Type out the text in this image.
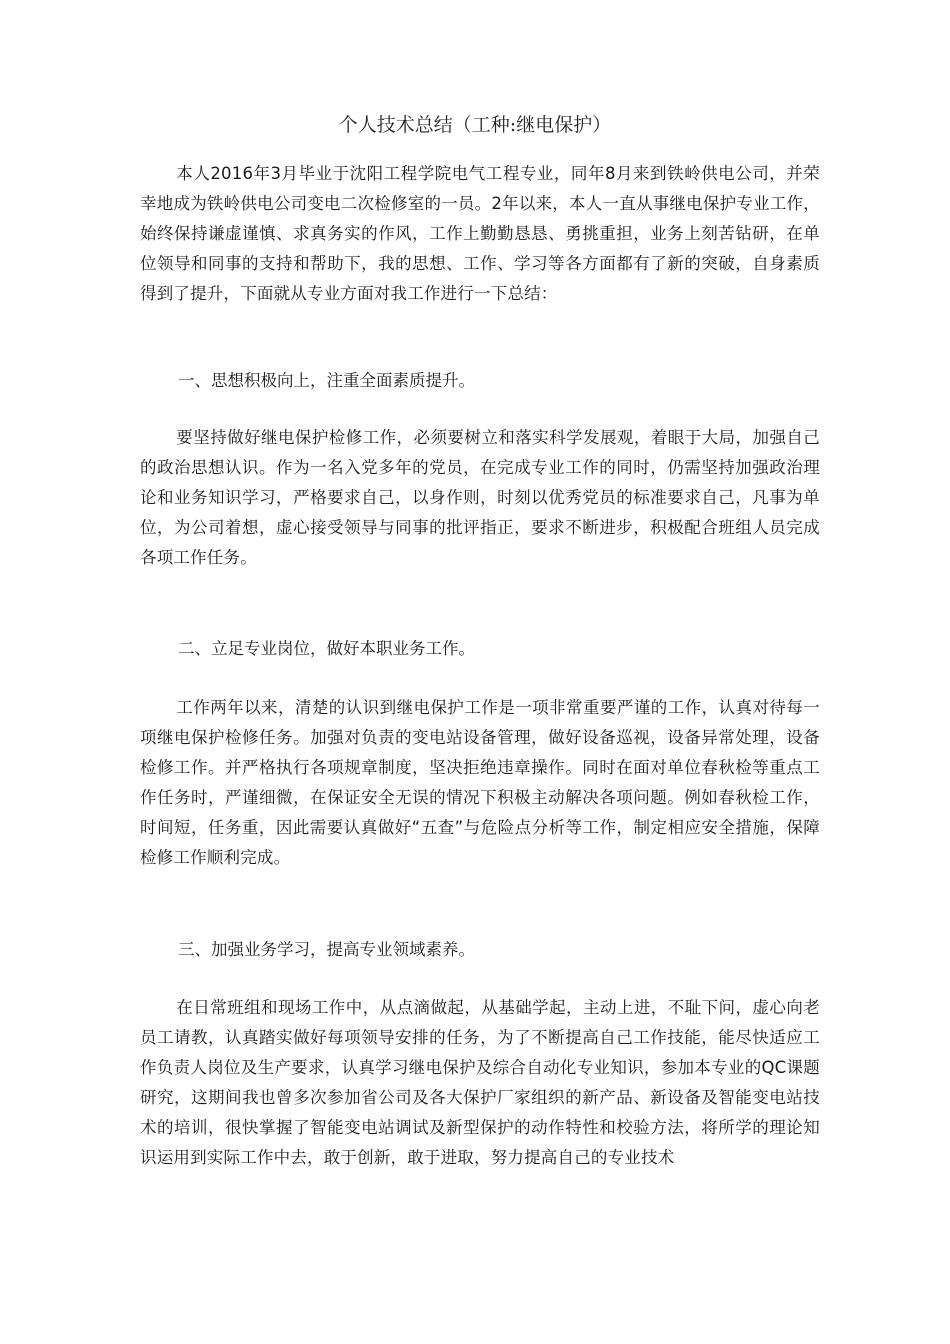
个人技术总结（工种:继电保护）

本人2016年3月毕业于沈阳工程学院电气工程专业，同年8月来到铁岭供电公司，并荣幸地成为铁岭供电公司变电二次检修室的一员。2年以来，本人一直从事继电保护专业工作，始终保持谦虚谨慎、求真务实的作风，工作上勤勤恳恳、勇挑重担，业务上刻苦钻研，在单位领导和同事的支持和帮助下，我的思想、工作、学习等各方面都有了新的突破，自身素质得到了提升，下面就从专业方面对我工作进行一下总结：

一、思想积极向上，注重全面素质提升。

要坚持做好继电保护检修工作，必须要树立和落实科学发展观，着眼于大局，加强自己的政治思想认识。作为一名入党多年的党员，在完成专业工作的同时，仍需坚持加强政治理论和业务知识学习，严格要求自己，以身作则，时刻以优秀党员的标准要求自己，凡事为单位，为公司着想，虚心接受领导与同事的批评指正，要求不断进步，积极配合班组人员完成各项工作任务。

二、立足专业岗位，做好本职业务工作。

工作两年以来，清楚的认识到继电保护工作是一项非常重要严谨的工作，认真对待每一项继电保护检修任务。加强对负责的变电站设备管理，做好设备巡视，设备异常处理，设备检修工作。并严格执行各项规章制度，坚决拒绝违章操作。同时在面对单位春秋检等重点工作任务时，严谨细微，在保证安全无误的情况下积极主动解决各项问题。例如春秋检工作，时间短，任务重，因此需要认真做好“五查”与危险点分析等工作，制定相应安全措施，保障检修工作顺利完成。

三、加强业务学习，提高专业领域素养。

在日常班组和现场工作中，从点滴做起，从基础学起，主动上进，不耻下问，虚心向老员工请教，认真踏实做好每项领导安排的任务，为了不断提高自己工作技能，能尽快适应工作负责人岗位及生产要求，认真学习继电保护及综合自动化专业知识，参加本专业的QC课题研究，这期间我也曾多次参加省公司及各大保护厂家组织的新产品、新设备及智能变电站技术的培训，很快掌握了智能变电站调试及新型保护的动作特性和校验方法，将所学的理论知识运用到实际工作中去，敢于创新，敢于进取，努力提高自己的专业技术
